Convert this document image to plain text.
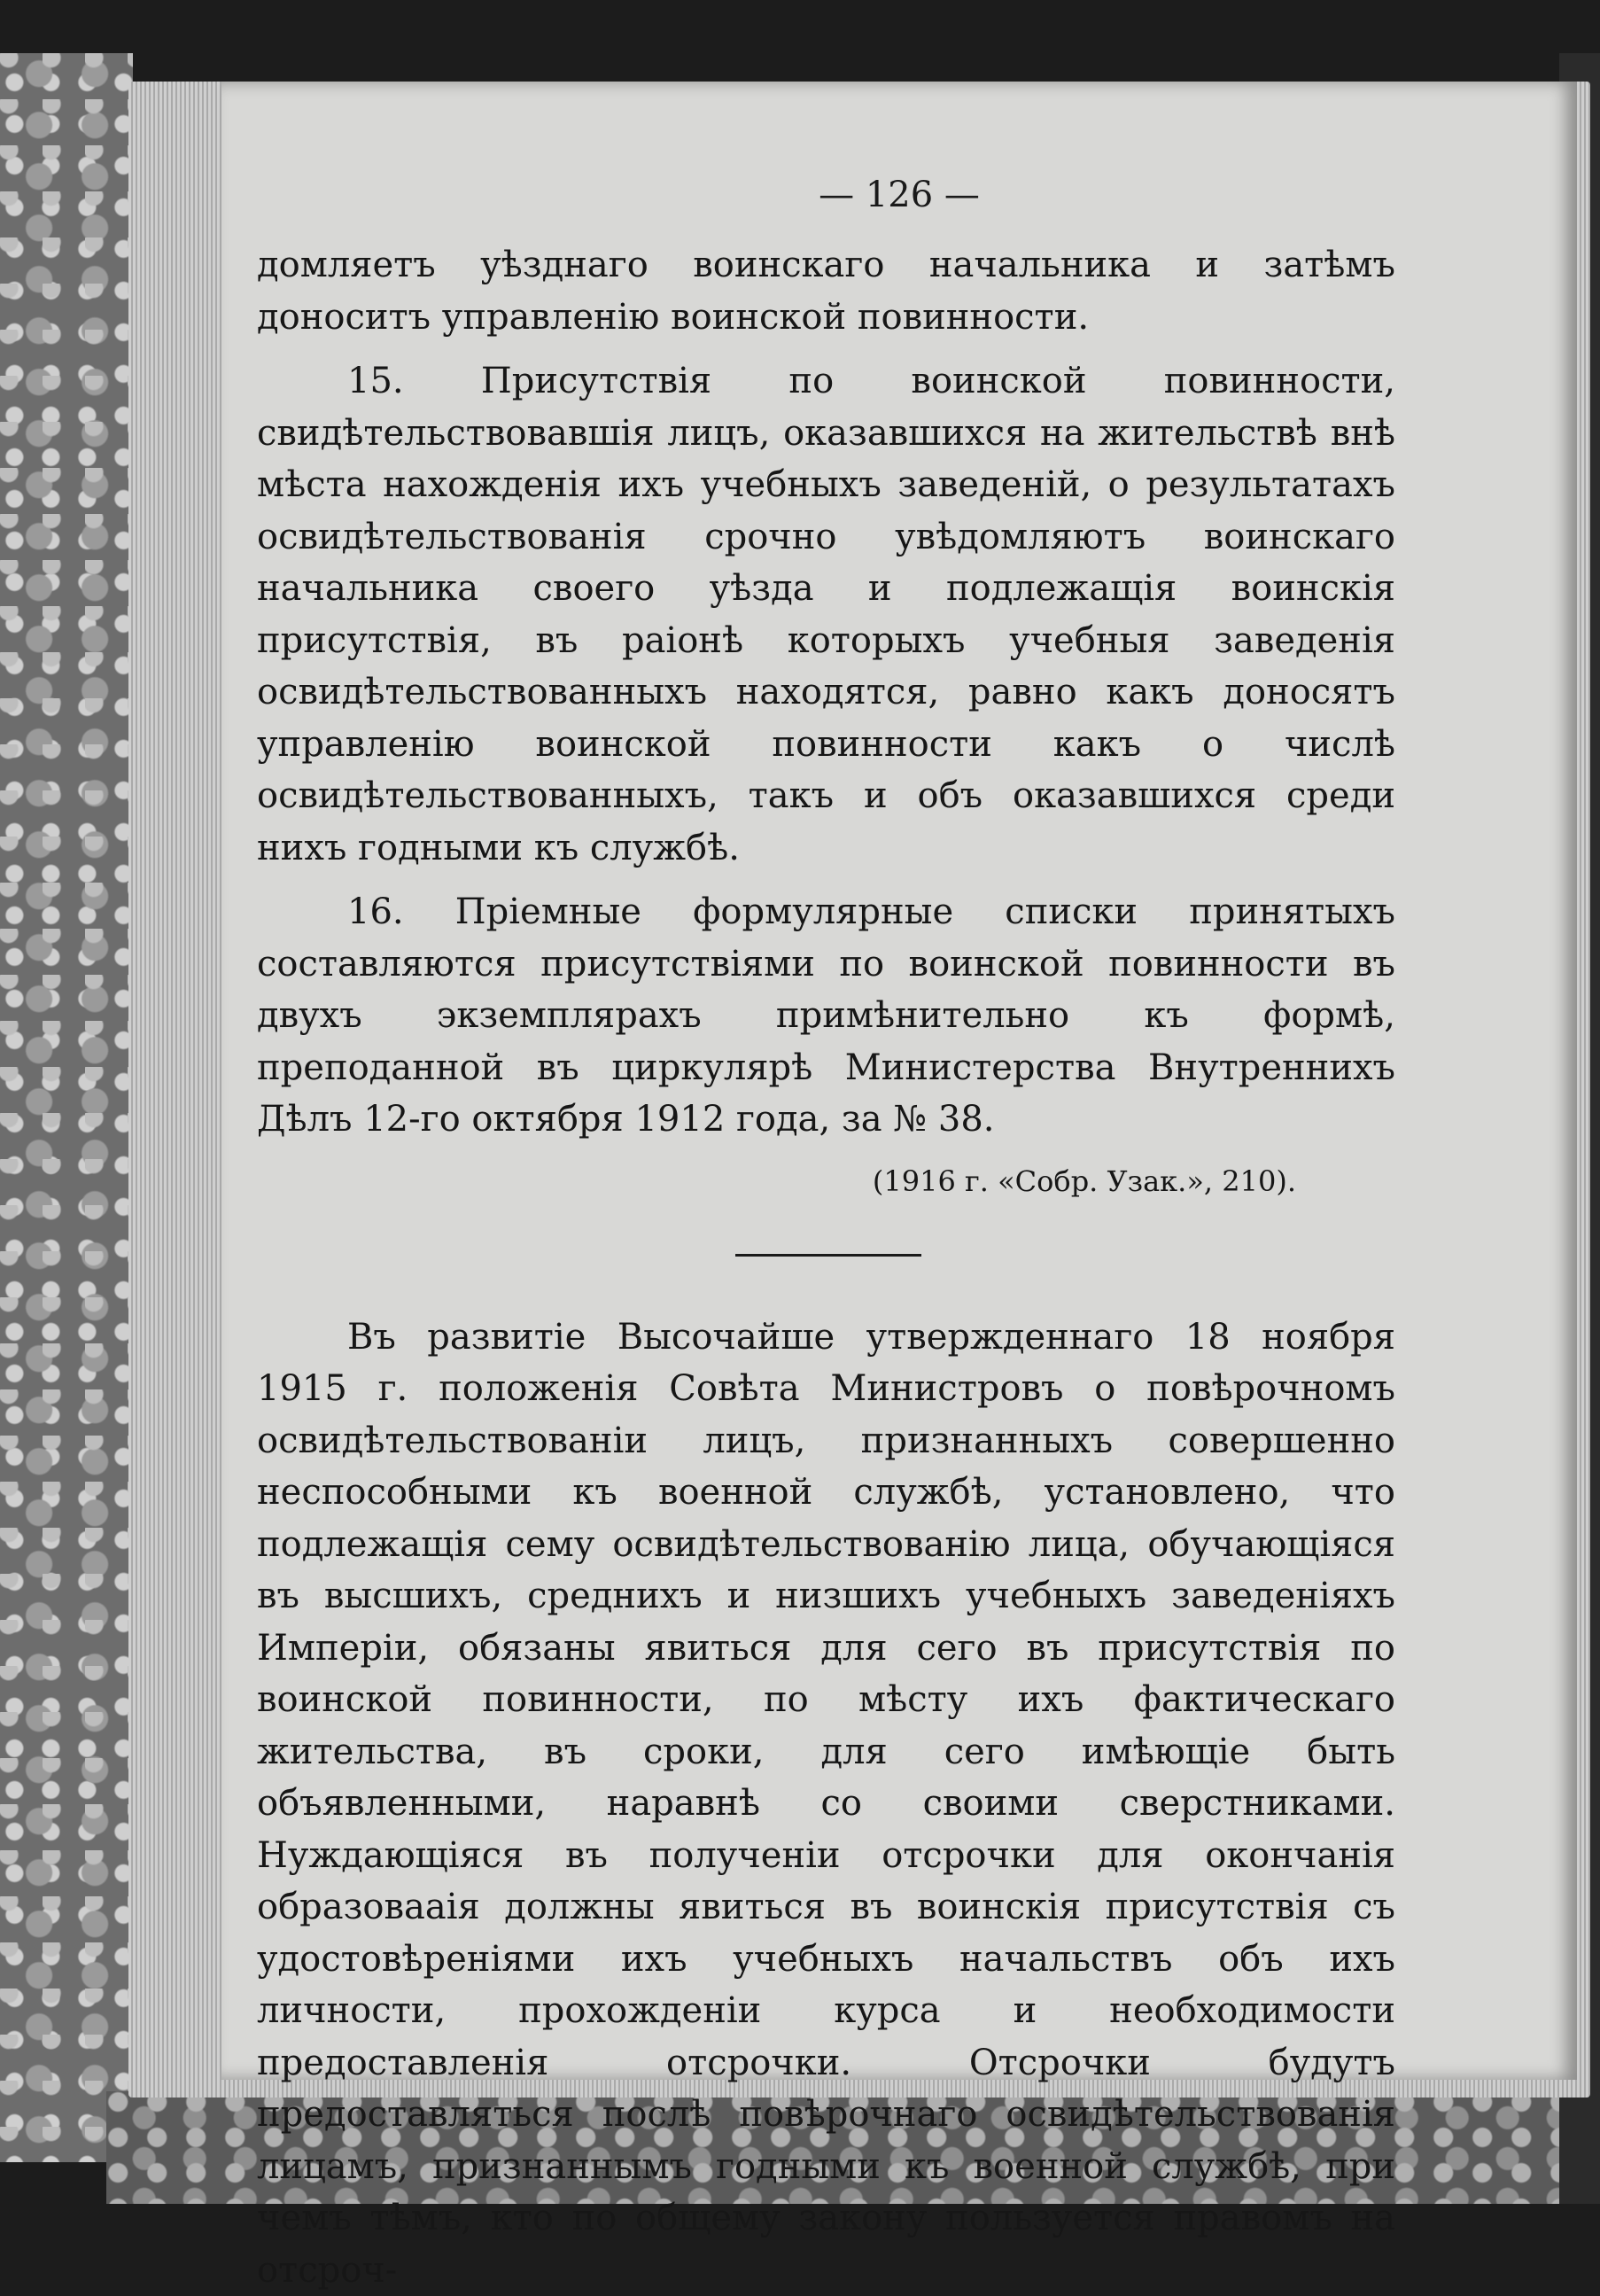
— 126 —

домляетъ уѣзднаго воинскаго начальника и затѣмъ доноситъ управленію воинской повинности.

15. Присутствія по воинской повинности, свидѣтельствовавшія лицъ, оказавшихся на жительствѣ внѣ мѣста нахожденія ихъ учебныхъ заведеній, о результатахъ освидѣтельствованія срочно увѣдомляютъ воинскаго начальника своего уѣзда и подлежащія воинскія присутствія, въ раіонѣ которыхъ учебныя заведенія освидѣтельствованныхъ находятся, равно какъ доносятъ управленію воинской повинности какъ о числѣ освидѣтельствованныхъ, такъ и объ оказавшихся среди нихъ годными къ службѣ.

16. Пріемные формулярные списки принятыхъ составляются присутствіями по воинской повинности въ двухъ экземплярахъ примѣнительно къ формѣ, преподанной въ циркулярѣ Министерства Внутреннихъ Дѣлъ 12-го октября 1912 года, за № 38.

(1916 г. «Собр. Узак.», 210).

Въ развитіе Высочайше утвержденнаго 18 ноября 1915 г. положенія Совѣта Министровъ о повѣрочномъ освидѣтельствованіи лицъ, признанныхъ совершенно неспособными къ военной службѣ, установлено, что подлежащія сему освидѣтельствованію лица, обучающіяся въ высшихъ, среднихъ и низшихъ учебныхъ заведеніяхъ Имперіи, обязаны явиться для сего въ присутствія по воинской повинности, по мѣсту ихъ фактическаго жительства, въ сроки, для сего имѣющіе быть объявленными, наравнѣ со своими сверстниками. Нуждающіяся въ полученіи отсрочки для окончанія образовааія должны явиться въ воинскія присутствія съ удостовѣреніями ихъ учебныхъ начальствъ объ ихъ личности, прохожденіи курса и необходимости предоставленія отсрочки. Отсрочки будутъ предоставляться послѣ повѣрочнаго освидѣтельствованія лицамъ, признаннымъ годными къ военной службѣ, при чемъ тѣмъ, кто по общему закону пользуется правомъ на отсроч-
